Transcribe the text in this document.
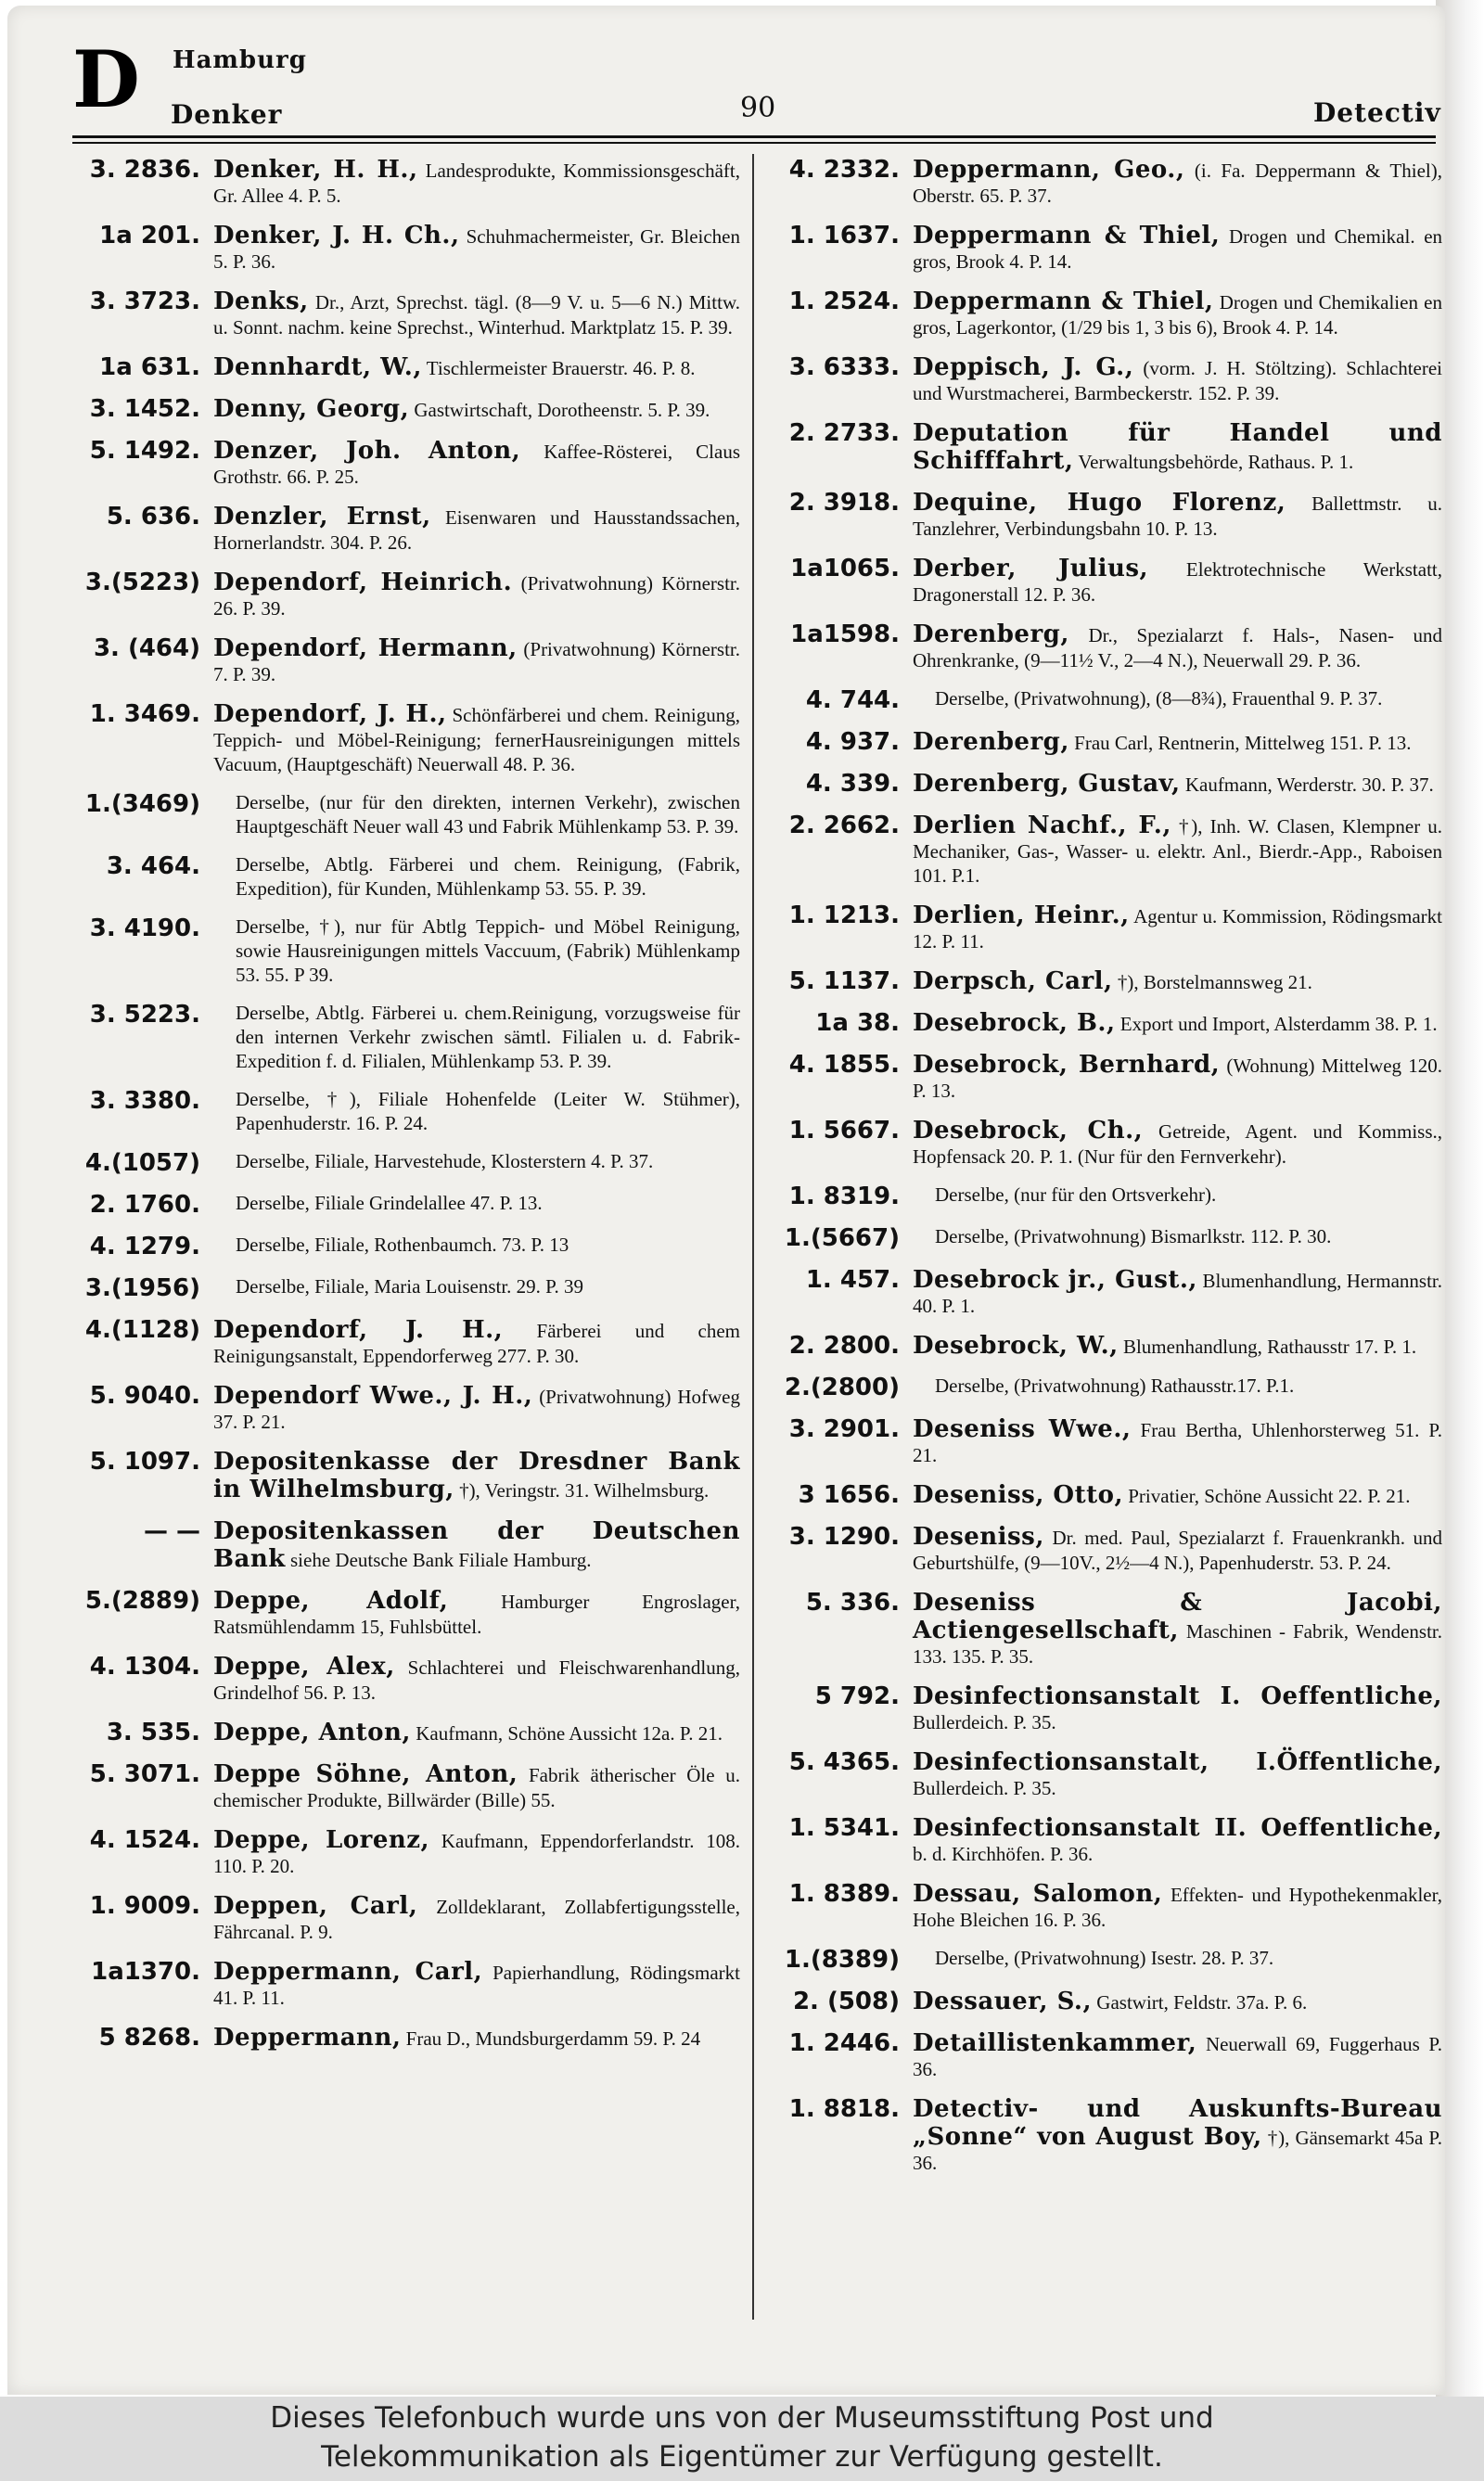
D Hamburg
Denker	90	Detectiv
3. 2836. Denker, H. H., Landesprodukte, Kommissionsgeschäft, Gr. Allee 4. P. 5.
1a 201. Denker, J. H. Ch., Schuhmachermeister, Gr. Bleichen 5. P. 36.
3. 3723. Denks, Dr., Arzt, Sprechst. tägl. (8—9 V. u. 5—6 N.) Mittw. u. Sonnt. nachm. keine Sprechst., Winterhud. Marktplatz 15. P. 39.
1a 631. Dennhardt, W., Tischlermeister Brauerstr. 46. P. 8.
3. 1452. Denny, Georg, Gastwirtschaft, Dorotheenstr. 5. P. 39.
5. 1492. Denzer, Joh. Anton, Kaffee-Rösterei, Claus Grothstr. 66. P. 25.
5. 636. Denzler, Ernst, Eisenwaren und Hausstandssachen, Hornerlandstr. 304. P. 26.
3.(5223) Dependorf, Heinrich. (Privatwohnung) Körnerstr. 26. P. 39.
3. (464) Dependorf, Hermann, (Privatwohnung) Körnerstr. 7. P. 39.
1. 3469. Dependorf, J. H., Schönfärberei und chem. Reinigung, Teppich- und Möbel-Reinigung; fernerHausreinigungen mittels Vacuum, (Hauptgeschäft) Neuerwall 48. P. 36.
1.(3469)	Derselbe, (nur für den direkten, internen Verkehr), zwischen Hauptgeschäft Neuer wall 43 und Fabrik Mühlenkamp 53. P. 39.
3. 464.	Derselbe, Abtlg. Färberei und chem. Reinigung, (Fabrik, Expedition), für Kunden, Mühlenkamp 53. 55. P. 39.
3. 4190.	Derselbe, †), nur für Abtlg Teppich- und Möbel Reinigung, sowie Hausreinigungen mittels Vaccuum, (Fabrik) Mühlenkamp 53. 55. P 39.
3. 5223.	Derselbe, Abtlg. Färberei u. chem.Reinigung, vorzugsweise für den internen Verkehr zwischen sämtl. Filialen u. d. Fabrik-Expedition f. d. Filialen, Mühlenkamp 53. P. 39.
3. 3380.	Derselbe, †), Filiale Hohenfelde (Leiter W. Stühmer), Papenhuderstr. 16. P. 24.
4.(1057)	Derselbe, Filiale, Harvestehude, Klosterstern 4. P. 37.
2. 1760.	Derselbe, Filiale Grindelallee 47. P. 13.
4. 1279.	Derselbe, Filiale, Rothenbaumch. 73. P. 13
3.(1956)	Derselbe, Filiale, Maria Louisenstr. 29. P. 39
4.(1128) Dependorf, J. H., Färberei und chem Reinigungsanstalt, Eppendorferweg 277. P. 30.
5. 9040. Dependorf Wwe., J. H., (Privatwohnung) Hofweg 37. P. 21.
5. 1097. Depositenkasse der Dresdner Bank in Wilhelmsburg, †), Veringstr. 31. Wilhelmsburg.
— — Depositenkassen der Deutschen Bank siehe Deutsche Bank Filiale Hamburg.
5.(2889) Deppe, Adolf,	Hamburger Engroslager, Ratsmühlendamm 15, Fuhlsbüttel.
4. 1304. Deppe, Alex, Schlachterei und Fleischwarenhandlung, Grindelhof 56. P. 13.
3. 535. Deppe, Anton, Kaufmann, Schöne Aussicht 12a. P. 21.
5. 3071. Deppe Söhne, Anton, Fabrik ätherischer Öle u. chemischer Produkte, Billwärder (Bille) 55.
4. 1524. Deppe, Lorenz, Kaufmann, Eppendorferlandstr. 108. 110. P. 20.
1. 9009. Deppen, Carl, Zolldeklarant, Zollabfertigungsstelle, Fährcanal. P. 9.
1a1370. Deppermann, Carl, Papierhandlung, Rödingsmarkt 41. P. 11.
5 8268. Deppermann, Frau D., Mundsburgerdamm 59. P. 24
4. 2332. Deppermann, Geo., (i. Fa. Deppermann & Thiel), Oberstr. 65. P. 37.
1. 1637. Deppermann & Thiel, Drogen und Chemikal. en gros, Brook 4. P. 14.
1. 2524. Deppermann & Thiel, Drogen und Chemikalien en gros, Lagerkontor, (1/29 bis 1, 3 bis 6), Brook 4. P. 14.
3. 6333. Deppisch, J. G., (vorm. J. H. Stöltzing). Schlachterei und Wurstmacherei, Barmbeckerstr. 152. P. 39.
2. 2733. Deputation für Handel und Schifffahrt, Verwaltungsbehörde, Rathaus. P. 1.
2. 3918. Dequine, Hugo Florenz, Ballettmstr. u. Tanzlehrer, Verbindungsbahn 10. P. 13.
1a1065. Derber, Julius, Elektrotechnische Werkstatt, Dragonerstall 12. P. 36.
1a1598. Derenberg, Dr., Spezialarzt f. Hals-, Nasen- und Ohrenkranke, (9—11½ V., 2—4 N.), Neuerwall 29. P. 36.
4. 744.	Derselbe, (Privatwohnung), (8—8¾), Frauenthal 9. P. 37.
4. 937. Derenberg, Frau Carl, Rentnerin, Mittelweg 151. P. 13.
4. 339. Derenberg, Gustav, Kaufmann, Werderstr. 30. P. 37.
2. 2662. Derlien Nachf., F., †), Inh. W. Clasen, Klempner u. Mechaniker, Gas-, Wasser- u. elektr. Anl., Bierdr.-App., Raboisen 101. P.1.
1. 1213. Derlien, Heinr., Agentur u. Kommission, Rödingsmarkt 12. P. 11.
5. 1137. Derpsch, Carl, †), Borstelmannsweg 21.
1a 38. Desebrock, B., Export und Import, Alsterdamm 38. P. 1.
4. 1855. Desebrock, Bernhard, (Wohnung) Mittelweg 120. P. 13.
1. 5667. Desebrock, Ch., Getreide, Agent. und Kommiss., Hopfensack 20. P. 1. (Nur für den Fernverkehr).
1. 8319.	Derselbe, (nur für den Ortsverkehr).
1.(5667)	Derselbe, (Privatwohnung) Bismarlkstr. 112. P. 30.
1. 457. Desebrock jr., Gust., Blumenhandlung, Hermannstr. 40. P. 1.
2. 2800. Desebrock, W., Blumenhandlung, Rathausstr 17. P. 1.
2.(2800)	Derselbe, (Privatwohnung) Rathausstr.17. P.1.
3. 2901. Deseniss Wwe., Frau Bertha, Uhlenhorsterweg 51. P. 21.
3 1656. Deseniss, Otto, Privatier, Schöne Aussicht 22. P. 21.
3. 1290. Deseniss, Dr. med. Paul, Spezialarzt f. Frauenkrankh. und Geburtshülfe, (9—10V., 2½—4 N.), Papenhuderstr. 53. P. 24.
5. 336. Deseniss & Jacobi, Actiengesellschaft, Maschinen - Fabrik, Wendenstr. 133. 135. P. 35.
5 792. Desinfectionsanstalt I. Oeffentliche, Bullerdeich. P. 35.
5. 4365. Desinfectionsanstalt, I.Öffentliche, Bullerdeich. P. 35.
1. 5341. Desinfectionsanstalt II. Oeffentliche, b. d. Kirchhöfen. P. 36.
1. 8389. Dessau, Salomon, Effekten- und Hypothekenmakler, Hohe Bleichen 16. P. 36.
1.(8389)	Derselbe, (Privatwohnung) Isestr. 28. P. 37.
2. (508) Dessauer, S., Gastwirt, Feldstr. 37a. P. 6.
1. 2446. Detaillistenkammer, Neuerwall 69, Fuggerhaus P. 36.
1. 8818. Detectiv- und Auskunfts-Bureau „Sonne“ von August Boy, †), Gänsemarkt 45a P. 36.
Dieses Telefonbuch wurde uns von der Museumsstiftung Post und
Telekommunikation als Eigentümer zur Verfügung gestellt.
